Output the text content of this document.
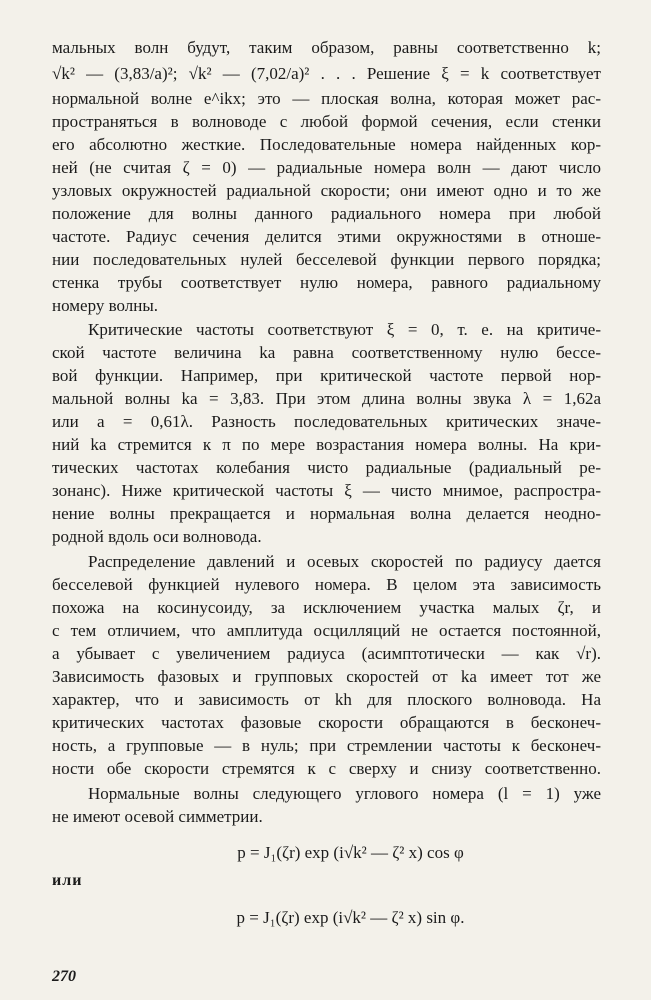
мальных волн будут, таким образом, равны соответственно k;
√k² — (3,83/a)²; √k² — (7,02/a)² . . . Решение ξ = k соответствует
нормальной волне e^ikx; это — плоская волна, которая может рас-
пространяться в волноводе с любой формой сечения, если стенки
его абсолютно жесткие. Последовательные номера найденных кор-
ней (не считая ζ = 0) — радиальные номера волн — дают число
узловых окружностей радиальной скорости; они имеют одно и то же
положение для волны данного радиального номера при любой
частоте. Радиус сечения делится этими окружностями в отноше-
нии последовательных нулей бесселевой функции первого порядка;
стенка трубы соответствует нулю номера, равного радиальному
номеру волны.
Критические частоты соответствуют ξ = 0, т. е. на критиче-
ской частоте величина ka равна соответственному нулю бессе-
вой функции. Например, при критической частоте первой нор-
мальной волны ka = 3,83. При этом длина волны звука λ = 1,62a
или a = 0,61λ. Разность последовательных критических значе-
ний ka стремится к π по мере возрастания номера волны. На кри-
тических частотах колебания чисто радиальные (радиальный ре-
зонанс). Ниже критической частоты ξ — чисто мнимое, распростра-
нение волны прекращается и нормальная волна делается неодно-
родной вдоль оси волновода.
Распределение давлений и осевых скоростей по радиусу дается
бесселевой функцией нулевого номера. В целом эта зависимость
похожа на косинусоиду, за исключением участка малых ζr, и
с тем отличием, что амплитуда осцилляций не остается постоянной,
а убывает с увеличением радиуса (асимптотически — как √r).
Зависимость фазовых и групповых скоростей от ka имеет тот же
характер, что и зависимость от kh для плоского волновода. На
критических частотах фазовые скорости обращаются в бесконеч-
ность, а групповые — в нуль; при стремлении частоты к бесконеч-
ности обе скорости стремятся к c сверху и снизу соответственно.
Нормальные волны следующего углового номера (l = 1) уже
не имеют осевой симметрии.
p = J₁(ζr) exp (i√k² — ζ² x) cos φ
или
p = J₁(ζr) exp (i√k² — ζ² x) sin φ.
270
